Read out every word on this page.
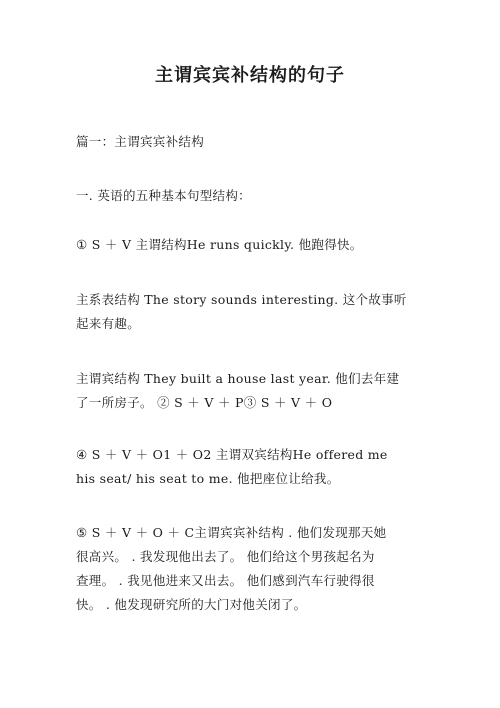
主谓宾宾补结构的句子
篇一：主谓宾宾补结构
一. 英语的五种基本句型结构：
① S ＋ V 主谓结构He runs quickly. 他跑得快。
主系表结构 The story sounds interesting. 这个故事听
起来有趣。
主谓宾结构 They built a house last year. 他们去年建
了一所房子。 ② S ＋ V ＋ P③ S ＋ V ＋ O
④ S ＋ V ＋ O1 ＋ O2 主谓双宾结构He offered me
his seat/ his seat to me. 他把座位让给我。
⑤ S ＋ V ＋ O ＋ C主谓宾宾补结构 . 他们发现那天她
很高兴。 . 我发现他出去了。 他们给这个男孩起名为
查理。 . 我见他进来又出去。 他们感到汽车行驶得很
快。 . 他发现研究所的大门对他关闭了。
